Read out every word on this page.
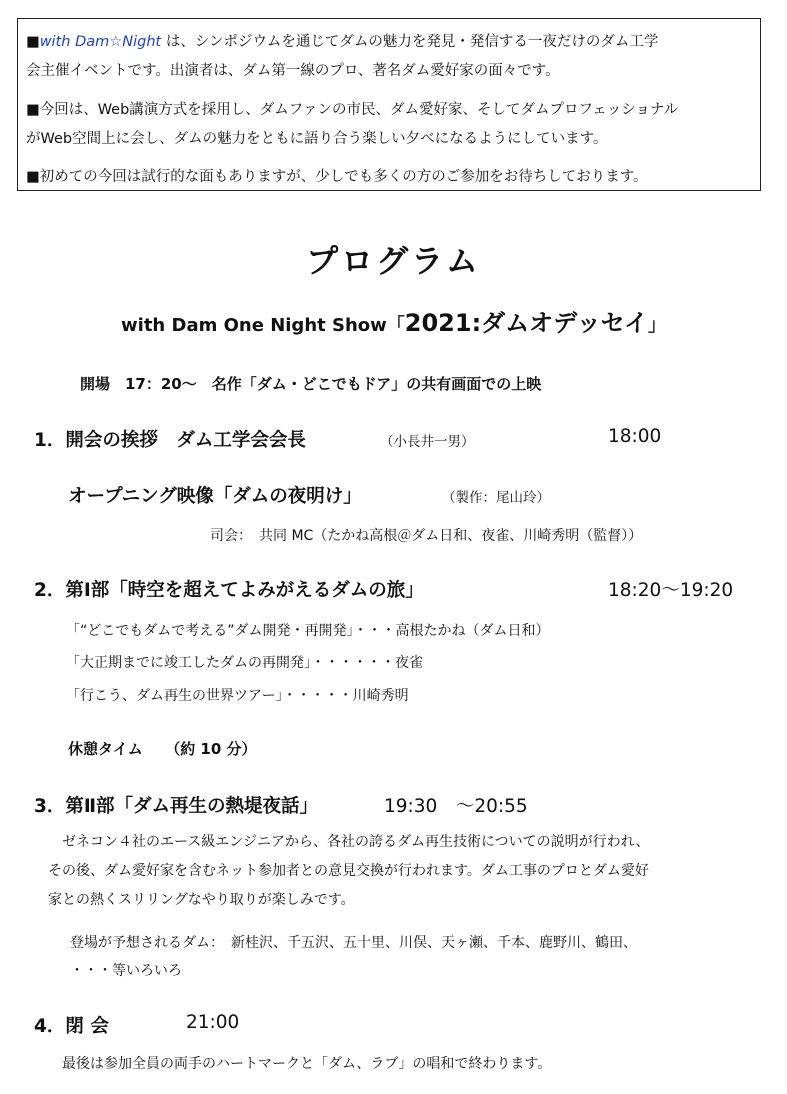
■with Dam☆Night は、シンポジウムを通じてダムの魅力を発見・発信する一夜だけのダム工学
会主催イベントです。出演者は、ダム第一線のプロ、著名ダム愛好家の面々です。
■今回は、Web講演方式を採用し、ダムファンの市民、ダム愛好家、そしてダムプロフェッショナル
がWeb空間上に会し、ダムの魅力をともに語り合う楽しい夕べになるようにしています。
■初めての今回は試行的な面もありますが、少しでも多くの方のご参加をお待ちしております。
プログラム
with Dam One Night Show「2021:ダムオデッセイ」
開場　17：20～　名作「ダム・どこでもドア」の共有画面での上映
1．開会の挨拶　ダム工学会会長	（小長井一男）	18:00
オープニング映像「ダムの夜明け」	（製作：尾山玲）
司会：　共同 MC（たかね高根＠ダム日和、夜雀、川崎秀明（監督））
2．第Ⅰ部「時空を超えてよみがえるダムの旅」	18:20～19:20
「“どこでもダムで考える”ダム開発・再開発」・・・高根たかね（ダム日和）
「大正期までに竣工したダムの再開発」・・・・・・夜雀
「行こう、ダム再生の世界ツアー」・・・・・川崎秀明
休憩タイム　　（約 10 分）
3．第Ⅱ部「ダム再生の熱堤夜話」	19:30　～20:55
ゼネコン４社のエース級エンジニアから、各社の誇るダム再生技術についての説明が行われ、
その後、ダム愛好家を含むネット参加者との意見交換が行われます。ダム工事のプロとダム愛好
家との熱くスリリングなやり取りが楽しみです。
登場が予想されるダム：　新桂沢、千五沢、五十里、川俣、天ヶ瀬、千本、鹿野川、鶴田、
・・・等いろいろ
4．閉 会	21:00
最後は参加全員の両手のハートマークと「ダム、ラブ」の唱和で終わります。
